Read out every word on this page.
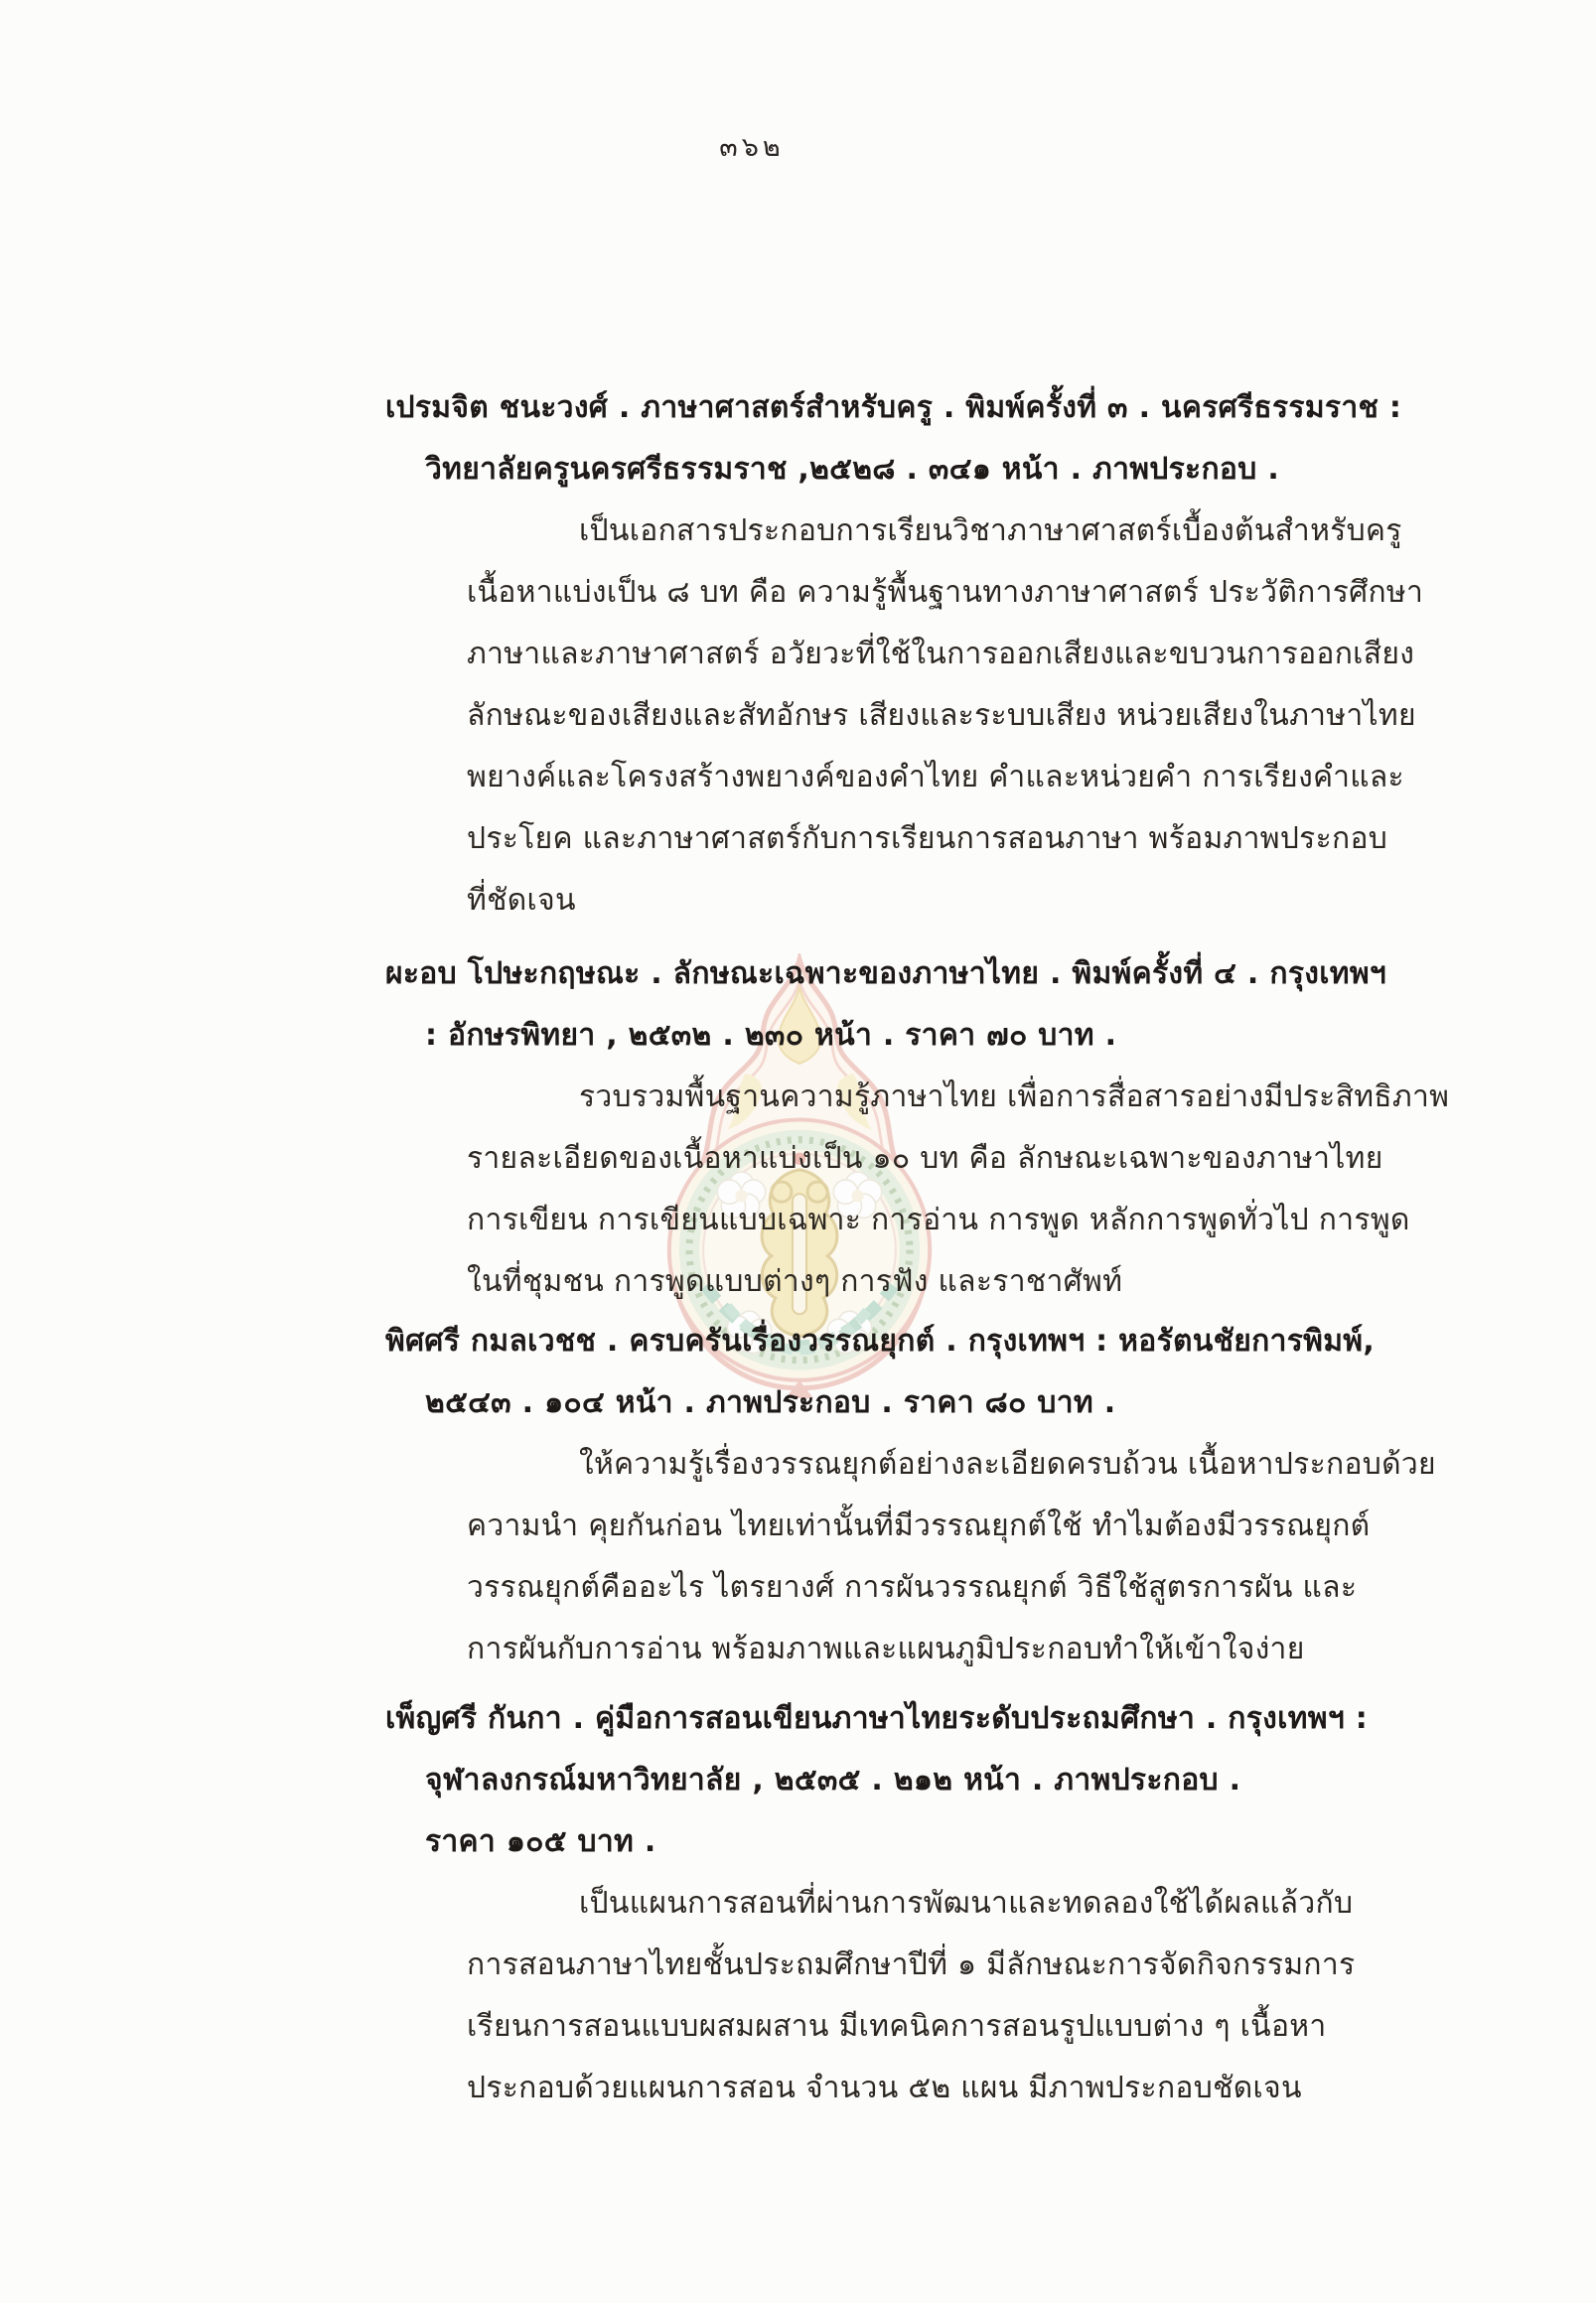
๓๖๒
เปรมจิต ชนะวงศ์ . ภาษาศาสตร์สำหรับครู . พิมพ์ครั้งที่ ๓ . นครศรีธรรมราช :
วิทยาลัยครูนครศรีธรรมราช ,๒๕๒๘ . ๓๔๑ หน้า . ภาพประกอบ .
เป็นเอกสารประกอบการเรียนวิชาภาษาศาสตร์เบื้องต้นสำหรับครู
เนื้อหาแบ่งเป็น ๘ บท คือ ความรู้พื้นฐานทางภาษาศาสตร์ ประวัติการศึกษา
ภาษาและภาษาศาสตร์ อวัยวะที่ใช้ในการออกเสียงและขบวนการออกเสียง
ลักษณะของเสียงและสัทอักษร เสียงและระบบเสียง หน่วยเสียงในภาษาไทย
พยางค์และโครงสร้างพยางค์ของคำไทย คำและหน่วยคำ การเรียงคำและ
ประโยค และภาษาศาสตร์กับการเรียนการสอนภาษา พร้อมภาพประกอบ
ที่ชัดเจน
ผะอบ โปษะกฤษณะ . ลักษณะเฉพาะของภาษาไทย . พิมพ์ครั้งที่ ๔ . กรุงเทพฯ
: อักษรพิทยา , ๒๕๓๒ . ๒๓๐ หน้า . ราคา ๗๐ บาท .
รวบรวมพื้นฐานความรู้ภาษาไทย เพื่อการสื่อสารอย่างมีประสิทธิภาพ
รายละเอียดของเนื้อหาแบ่งเป็น ๑๐ บท คือ ลักษณะเฉพาะของภาษาไทย
การเขียน การเขียนแบบเฉพาะ การอ่าน การพูด หลักการพูดทั่วไป การพูด
ในที่ชุมชน การพูดแบบต่างๆ การฟัง และราชาศัพท์
พิศศรี กมลเวชช . ครบครันเรื่องวรรณยุกต์ . กรุงเทพฯ : หอรัตนชัยการพิมพ์,
๒๕๔๓ . ๑๐๔ หน้า . ภาพประกอบ . ราคา ๘๐ บาท .
ให้ความรู้เรื่องวรรณยุกต์อย่างละเอียดครบถ้วน เนื้อหาประกอบด้วย
ความนำ คุยกันก่อน ไทยเท่านั้นที่มีวรรณยุกต์ใช้ ทำไมต้องมีวรรณยุกต์
วรรณยุกต์คืออะไร ไตรยางศ์ การผันวรรณยุกต์ วิธีใช้สูตรการผัน และ
การผันกับการอ่าน พร้อมภาพและแผนภูมิประกอบทำให้เข้าใจง่าย
เพ็ญศรี กันกา . คู่มือการสอนเขียนภาษาไทยระดับประถมศึกษา . กรุงเทพฯ :
จุฬาลงกรณ์มหาวิทยาลัย , ๒๕๓๕ . ๒๑๒ หน้า . ภาพประกอบ .
ราคา ๑๐๕ บาท .
เป็นแผนการสอนที่ผ่านการพัฒนาและทดลองใช้ได้ผลแล้วกับ
การสอนภาษาไทยชั้นประถมศึกษาปีที่ ๑ มีลักษณะการจัดกิจกรรมการ
เรียนการสอนแบบผสมผสาน มีเทคนิคการสอนรูปแบบต่าง ๆ เนื้อหา
ประกอบด้วยแผนการสอน จำนวน ๕๒ แผน มีภาพประกอบชัดเจน
